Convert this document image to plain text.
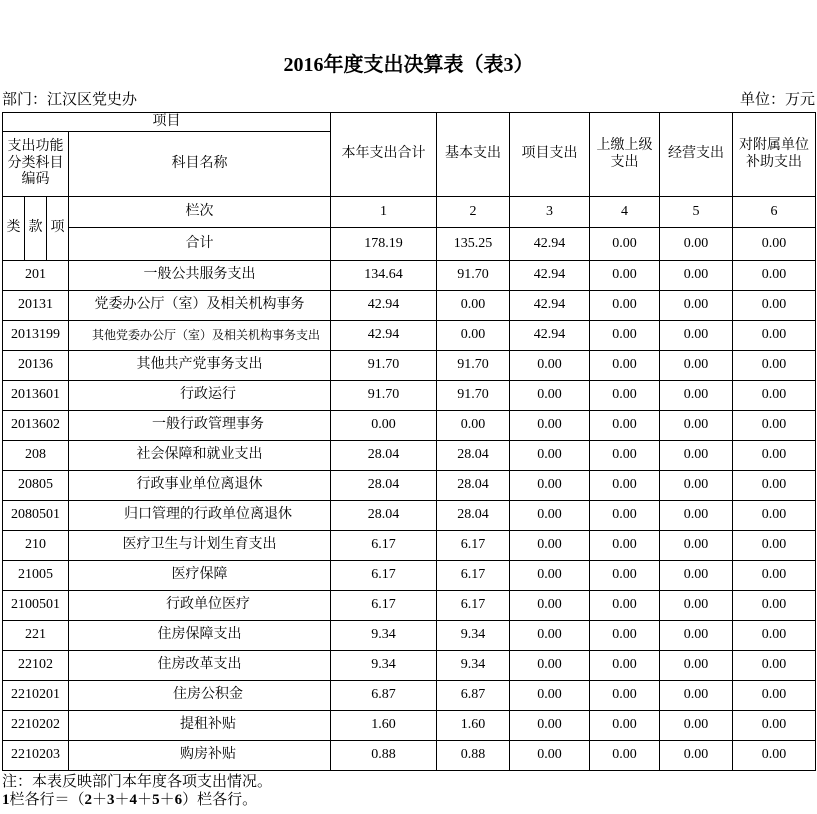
2016年度支出决算表（表3）
部门：江汉区党史办	单位：万元
项目				本年支出合计	基本支出	项目支出	上缴上级支出	经营支出	对附属单位补助支出
支出功能分类科目编码			科目名称						
类	款	项	栏次	1	2	3	4	5	6
			合计	178.19	135.25	42.94	0.00	0.00	0.00
201			一般公共服务支出	134.64	91.70	42.94	0.00	0.00	0.00
20131			党委办公厅（室）及相关机构事务	42.94	0.00	42.94	0.00	0.00	0.00
2013199			其他党委办公厅（室）及相关机构事务支出	42.94	0.00	42.94	0.00	0.00	0.00
20136			其他共产党事务支出	91.70	91.70	0.00	0.00	0.00	0.00
2013601			行政运行	91.70	91.70	0.00	0.00	0.00	0.00
2013602			一般行政管理事务	0.00	0.00	0.00	0.00	0.00	0.00
208			社会保障和就业支出	28.04	28.04	0.00	0.00	0.00	0.00
20805			行政事业单位离退休	28.04	28.04	0.00	0.00	0.00	0.00
2080501			归口管理的行政单位离退休	28.04	28.04	0.00	0.00	0.00	0.00
210			医疗卫生与计划生育支出	6.17	6.17	0.00	0.00	0.00	0.00
21005			医疗保障	6.17	6.17	0.00	0.00	0.00	0.00
2100501			行政单位医疗	6.17	6.17	0.00	0.00	0.00	0.00
221			住房保障支出	9.34	9.34	0.00	0.00	0.00	0.00
22102			住房改革支出	9.34	9.34	0.00	0.00	0.00	0.00
2210201			住房公积金	6.87	6.87	0.00	0.00	0.00	0.00
2210202			提租补贴	1.60	1.60	0.00	0.00	0.00	0.00
2210203			购房补贴	0.88	0.88	0.00	0.00	0.00	0.00
注：本表反映部门本年度各项支出情况。
1栏各行＝（2＋3＋4＋5＋6）栏各行。
